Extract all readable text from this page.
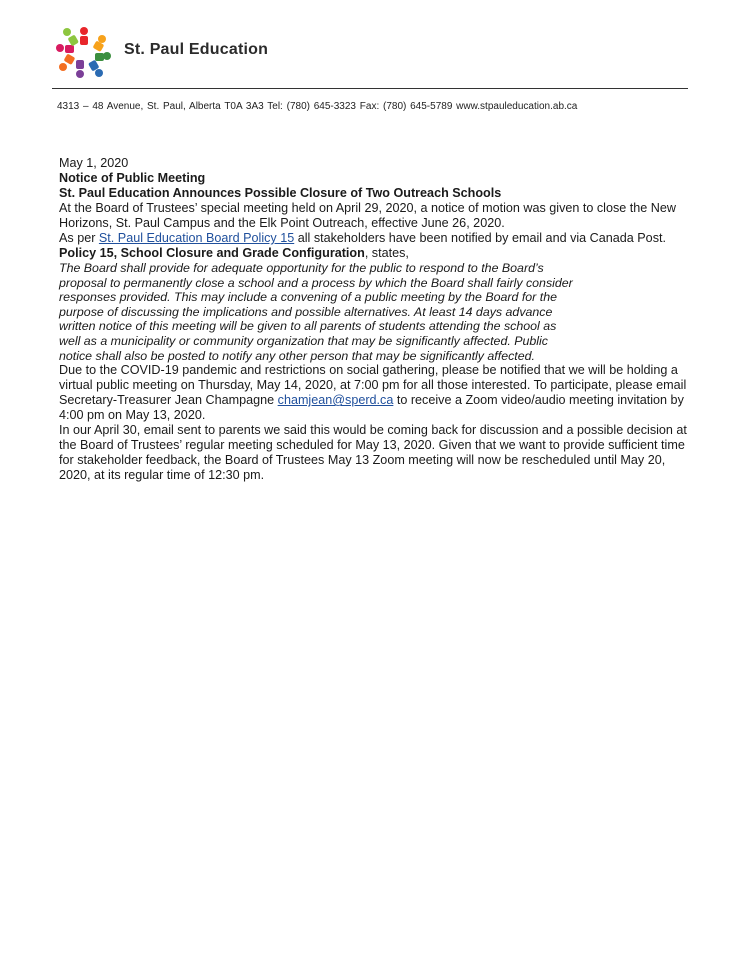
St. Paul Education
4313 – 48 Avenue, St. Paul, Alberta T0A 3A3 Tel: (780) 645-3323 Fax: (780) 645-5789 www.stpauleducation.ab.ca

May 1, 2020

Notice of Public Meeting

St. Paul Education Announces Possible Closure of Two Outreach Schools

At the Board of Trustees’ special meeting held on April 29, 2020, a notice of motion was given to close the New Horizons, St. Paul Campus and the Elk Point Outreach, effective June 26, 2020.

As per St. Paul Education Board Policy 15 all stakeholders have been notified by email and via Canada Post. Policy 15, School Closure and Grade Configuration, states,

The Board shall provide for adequate opportunity for the public to respond to the Board’s proposal to permanently close a school and a process by which the Board shall fairly consider responses provided. This may include a convening of a public meeting by the Board for the purpose of discussing the implications and possible alternatives. At least 14 days advance written notice of this meeting will be given to all parents of students attending the school as well as a municipality or community organization that may be significantly affected. Public notice shall also be posted to notify any other person that may be significantly affected.

Due to the COVID-19 pandemic and restrictions on social gathering, please be notified that we will be holding a virtual public meeting on Thursday, May 14, 2020, at 7:00 pm for all those interested. To participate, please email Secretary-Treasurer Jean Champagne chamjean@sperd.ca to receive a Zoom video/audio meeting invitation by 4:00 pm on May 13, 2020.

In our April 30, email sent to parents we said this would be coming back for discussion and a possible decision at the Board of Trustees’ regular meeting scheduled for May 13, 2020. Given that we want to provide sufficient time for stakeholder feedback, the Board of Trustees May 13 Zoom meeting will now be rescheduled until May 20, 2020, at its regular time of 12:30 pm.
